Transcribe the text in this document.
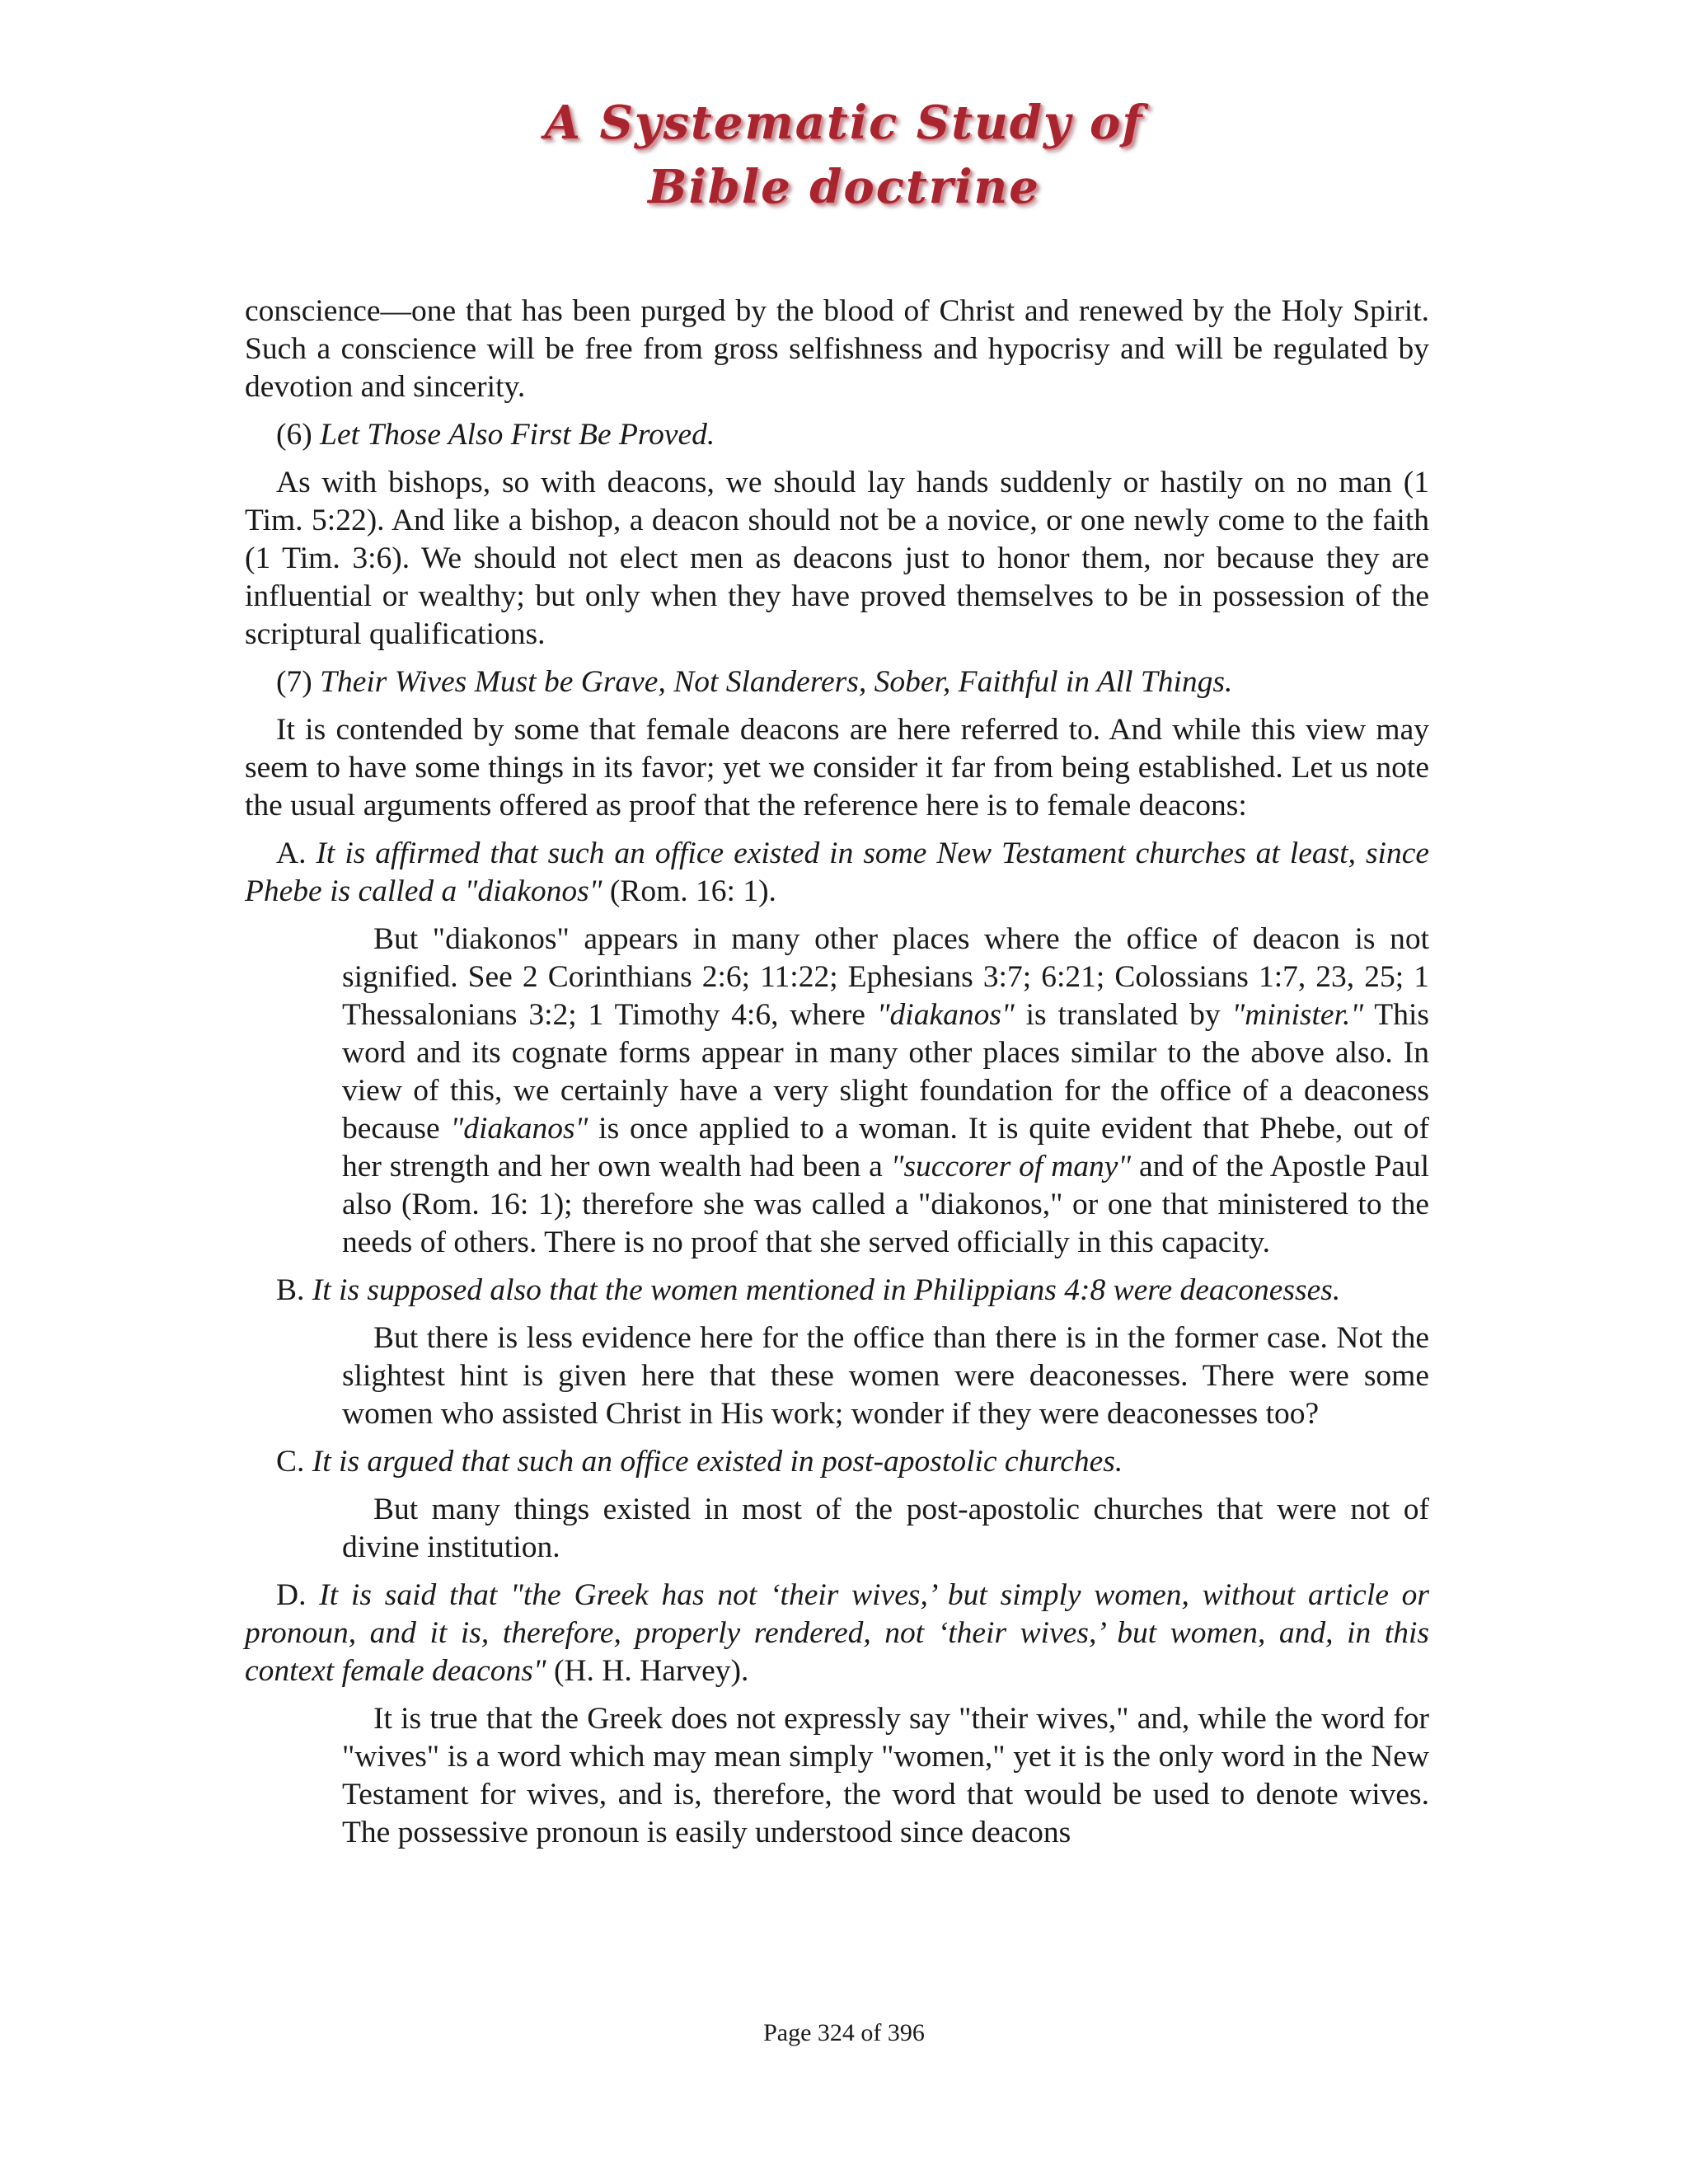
A Systematic Study of
Bible doctrine

conscience—one that has been purged by the blood of Christ and renewed by the Holy Spirit. Such a conscience will be free from gross selfishness and hypocrisy and will be regulated by devotion and sincerity.

(6) Let Those Also First Be Proved.

As with bishops, so with deacons, we should lay hands suddenly or hastily on no man (1 Tim. 5:22). And like a bishop, a deacon should not be a novice, or one newly come to the faith (1 Tim. 3:6). We should not elect men as deacons just to honor them, nor because they are influential or wealthy; but only when they have proved themselves to be in possession of the scriptural qualifications.

(7) Their Wives Must be Grave, Not Slanderers, Sober, Faithful in All Things.

It is contended by some that female deacons are here referred to. And while this view may seem to have some things in its favor; yet we consider it far from being established. Let us note the usual arguments offered as proof that the reference here is to female deacons:

A. It is affirmed that such an office existed in some New Testament churches at least, since Phebe is called a "diakonos" (Rom. 16: 1).

But "diakonos" appears in many other places where the office of deacon is not signified. See 2 Corinthians 2:6; 11:22; Ephesians 3:7; 6:21; Colossians 1:7, 23, 25; 1 Thessalonians 3:2; 1 Timothy 4:6, where "diakanos" is translated by "minister." This word and its cognate forms appear in many other places similar to the above also. In view of this, we certainly have a very slight foundation for the office of a deaconess because "diakanos" is once applied to a woman. It is quite evident that Phebe, out of her strength and her own wealth had been a "succorer of many" and of the Apostle Paul also (Rom. 16: 1); therefore she was called a "diakonos," or one that ministered to the needs of others. There is no proof that she served officially in this capacity.

B. It is supposed also that the women mentioned in Philippians 4:8 were deaconesses.

But there is less evidence here for the office than there is in the former case. Not the slightest hint is given here that these women were deaconesses. There were some women who assisted Christ in His work; wonder if they were deaconesses too?

C. It is argued that such an office existed in post-apostolic churches.

But many things existed in most of the post-apostolic churches that were not of divine institution.

D. It is said that "the Greek has not ‘their wives,’ but simply women, without article or pronoun, and it is, therefore, properly rendered, not ‘their wives,’ but women, and, in this context female deacons" (H. H. Harvey).

It is true that the Greek does not expressly say "their wives," and, while the word for "wives" is a word which may mean simply "women," yet it is the only word in the New Testament for wives, and is, therefore, the word that would be used to denote wives. The possessive pronoun is easily understood since deacons

Page 324 of 396
